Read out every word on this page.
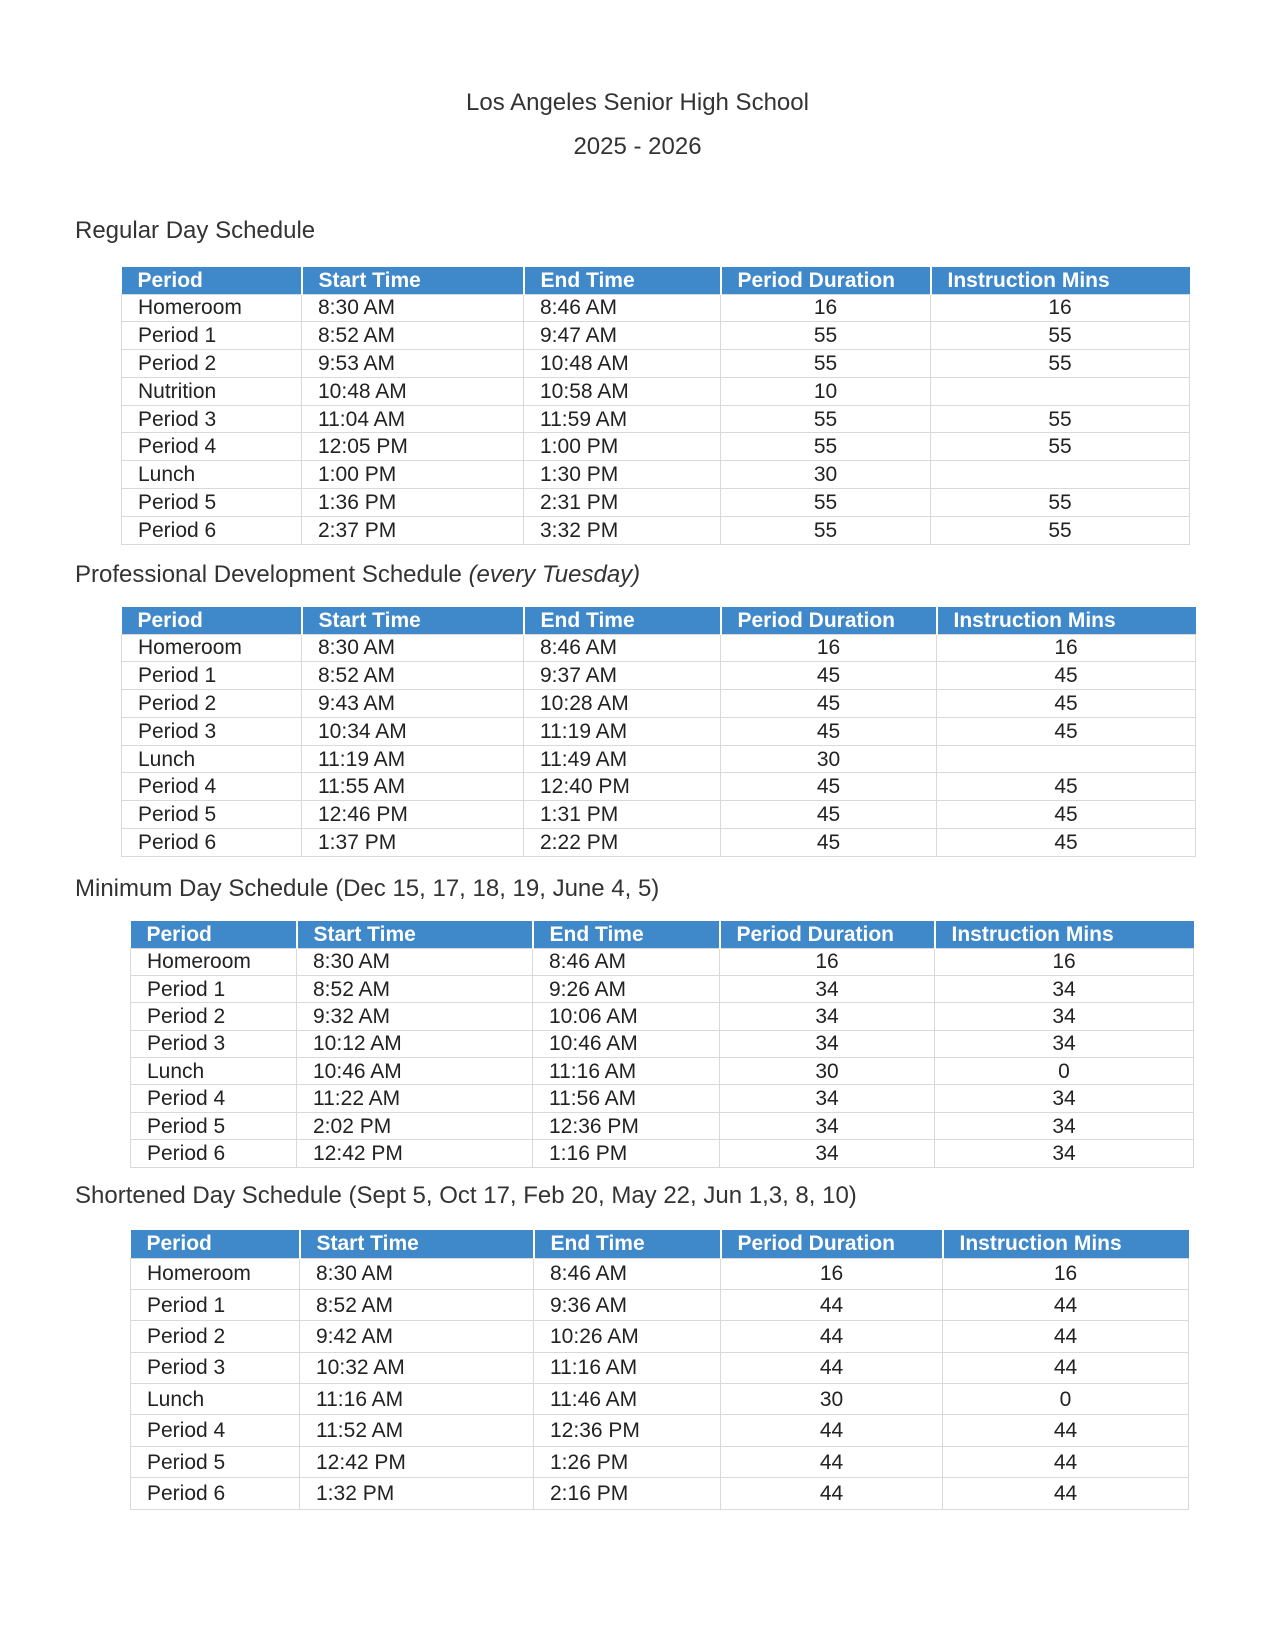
Los Angeles Senior High School
2025 - 2026
Regular Day Schedule
Professional Development Schedule (every Tuesday)
Minimum Day Schedule (Dec 15, 17, 18, 19, June 4, 5)
Shortened Day Schedule (Sept 5, Oct 17, Feb 20, May 22, Jun 1,3, 8, 10)
Period	Start Time	End Time	Period Duration	Instruction Mins
Homeroom	8:30 AM	8:46 AM	16	16
Period 1	8:52 AM	9:47 AM	55	55
Period 2	9:53 AM	10:48 AM	55	55
Nutrition	10:48 AM	10:58 AM	10	
Period 3	11:04 AM	11:59 AM	55	55
Period 4	12:05 PM	1:00 PM	55	55
Lunch	1:00 PM	1:30 PM	30	
Period 5	1:36 PM	2:31 PM	55	55
Period 6	2:37 PM	3:32 PM	55	55
Period	Start Time	End Time	Period Duration	Instruction Mins
Homeroom	8:30 AM	8:46 AM	16	16
Period 1	8:52 AM	9:37 AM	45	45
Period 2	9:43 AM	10:28 AM	45	45
Period 3	10:34 AM	11:19 AM	45	45
Lunch	11:19 AM	11:49 AM	30	
Period 4	11:55 AM	12:40 PM	45	45
Period 5	12:46 PM	1:31 PM	45	45
Period 6	1:37 PM	2:22 PM	45	45
Period	Start Time	End Time	Period Duration	Instruction Mins
Homeroom	8:30 AM	8:46 AM	16	16
Period 1	8:52 AM	9:26 AM	34	34
Period 2	9:32 AM	10:06 AM	34	34
Period 3	10:12 AM	10:46 AM	34	34
Lunch	10:46 AM	11:16 AM	30	0
Period 4	11:22 AM	11:56 AM	34	34
Period 5	2:02 PM	12:36 PM	34	34
Period 6	12:42 PM	1:16 PM	34	34
Period	Start Time	End Time	Period Duration	Instruction Mins
Homeroom	8:30 AM	8:46 AM	16	16
Period 1	8:52 AM	9:36 AM	44	44
Period 2	9:42 AM	10:26 AM	44	44
Period 3	10:32 AM	11:16 AM	44	44
Lunch	11:16 AM	11:46 AM	30	0
Period 4	11:52 AM	12:36 PM	44	44
Period 5	12:42 PM	1:26 PM	44	44
Period 6	1:32 PM	2:16 PM	44	44
